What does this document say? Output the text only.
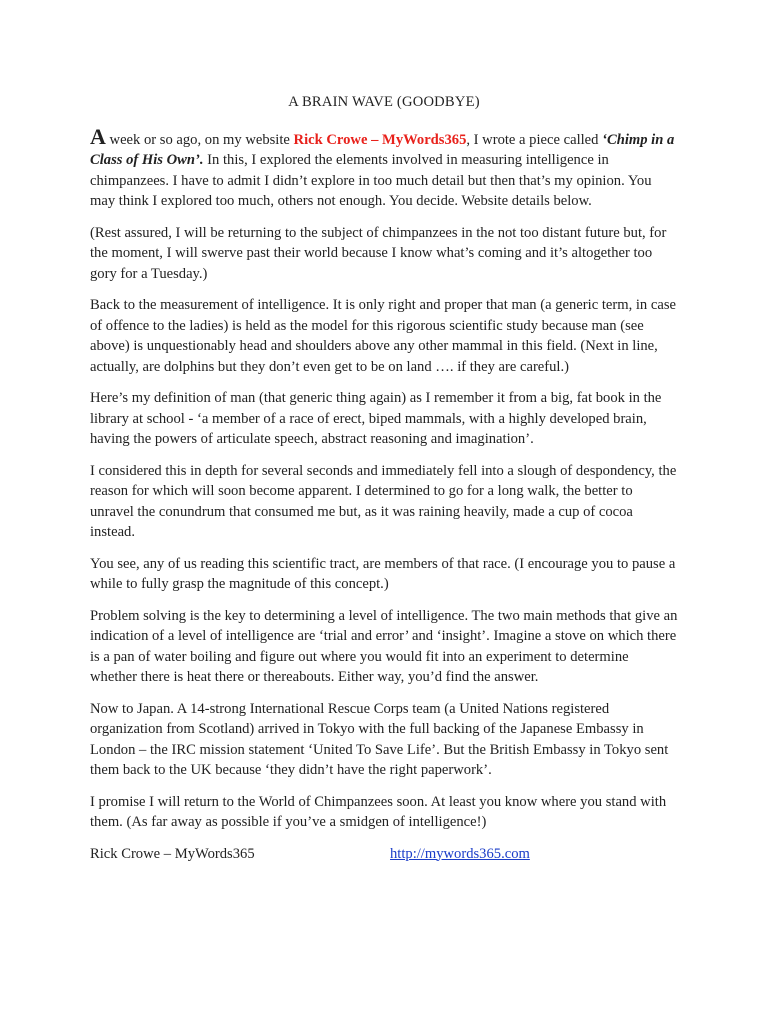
A BRAIN WAVE (GOODBYE)

A week or so ago, on my website Rick Crowe – MyWords365, I wrote a piece called ‘Chimp in a Class of His Own’. In this, I explored the elements involved in measuring intelligence in chimpanzees. I have to admit I didn’t explore in too much detail but then that’s my opinion. You may think I explored too much, others not enough. You decide. Website details below.

(Rest assured, I will be returning to the subject of chimpanzees in the not too distant future but, for the moment, I will swerve past their world because I know what’s coming and it’s altogether too gory for a Tuesday.)

Back to the measurement of intelligence. It is only right and proper that man (a generic term, in case of offence to the ladies) is held as the model for this rigorous scientific study because man (see above) is unquestionably head and shoulders above any other mammal in this field. (Next in line, actually, are dolphins but they don’t even get to be on land …. if they are careful.)

Here’s my definition of man (that generic thing again) as I remember it from a big, fat book in the library at school - ‘a member of a race of erect, biped mammals, with a highly developed brain, having the powers of articulate speech, abstract reasoning and imagination’.

I considered this in depth for several seconds and immediately fell into a slough of despondency, the reason for which will soon become apparent. I determined to go for a long walk, the better to unravel the conundrum that consumed me but, as it was raining heavily, made a cup of cocoa instead.

You see, any of us reading this scientific tract, are members of that race. (I encourage you to pause a while to fully grasp the magnitude of this concept.)

Problem solving is the key to determining a level of intelligence. The two main methods that give an indication of a level of intelligence are ‘trial and error’ and ‘insight’. Imagine a stove on which there is a pan of water boiling and figure out where you would fit into an experiment to determine whether there is heat there or thereabouts. Either way, you’d find the answer.

Now to Japan. A 14-strong International Rescue Corps team (a United Nations registered organization from Scotland) arrived in Tokyo with the full backing of the Japanese Embassy in London – the IRC mission statement ‘United To Save Life’. But the British Embassy in Tokyo sent them back to the UK because ‘they didn’t have the right paperwork’.

I promise I will return to the World of Chimpanzees soon. At least you know where you stand with them. (As far away as possible if you’ve a smidgen of intelligence!)

Rick Crowe – MyWords365	http://mywords365.com
